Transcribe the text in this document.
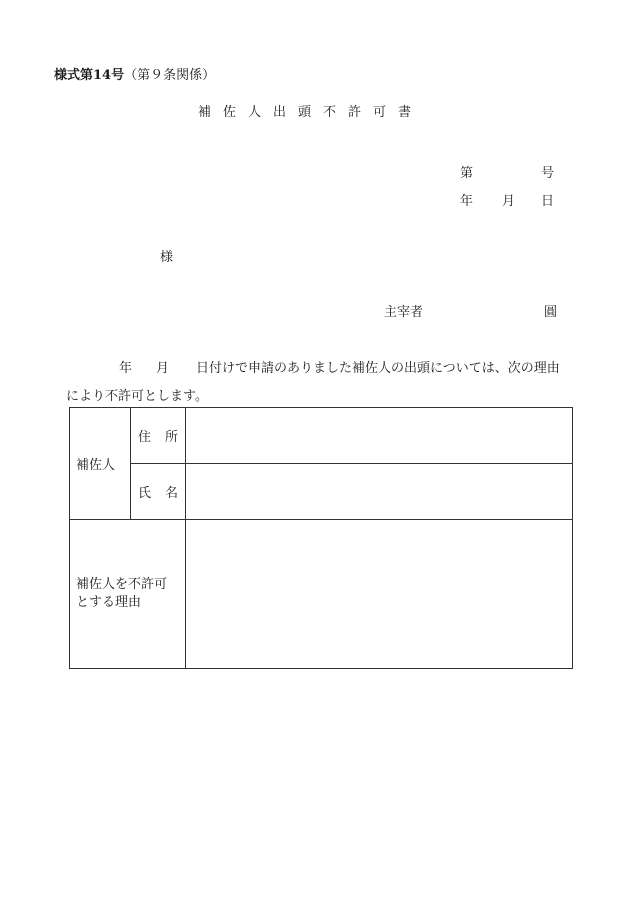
様式第14号（第９条関係）
補佐人出頭不許可書
第	号
年 月 日
様
主宰者	圓
年 月 日付けで申請のありました補佐人の出頭については、次の理由
により不許可とします。
補佐人	住所	
	氏名	

補佐人を不許可
とする理由		
